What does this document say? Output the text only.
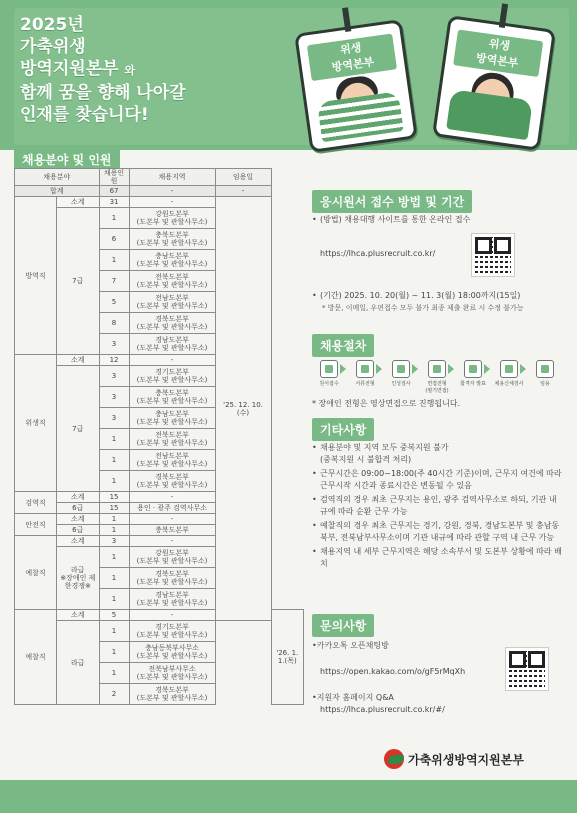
2025년
가축위생
방역지원본부 와
함께 꿈을 향해 나아갈
인재를 찾습니다!
위생
방역본부
위생
방역본부
채용분야 및 인원
채용분야		채용인원	채용지역	임용일	
합계		67	-	-	
방역직	소계	31	-	'25. 12. 10.(수)	
	7급	1	강원도본부
(도본부 및 관할사무소)		
		6	충북도본부
(도본부 및 관할사무소)		
		1	충남도본부
(도본부 및 관할사무소)		
		7	전북도본부
(도본부 및 관할사무소)		
		5	전남도본부
(도본부 및 관할사무소)		
		8	경북도본부
(도본부 및 관할사무소)		
		3	경남도본부
(도본부 및 관할사무소)		
위생직	소계	12	-		
	7급	3	경기도본부
(도본부 및 관할사무소)		
		3	충북도본부
(도본부 및 관할사무소)		
		3	충남도본부
(도본부 및 관할사무소)		
		1	전북도본부
(도본부 및 관할사무소)		
		1	전남도본부
(도본부 및 관할사무소)		
		1	경북도본부
(도본부 및 관할사무소)		
검역직	소계	15	-		
	6급	15	용인 · 광주 검역사무소		
안전직	소계	1	-		
	6급	1	충북도본부		
예찰직	소계	3	-		
	라급
※장애인 제한경쟁※	1	강원도본부
(도본부 및 관할사무소)		
		1	경북도본부
(도본부 및 관할사무소)		
		1	경남도본부
(도본부 및 관할사무소)		
예찰직	소계	5	-		'26. 1. 1.(목)
	라급	1	경기도본부
(도본부 및 관할사무소)		
		1	충남동북부사무소
(도본부 및 관할사무소)		
		1	전북남부사무소
(도본부 및 관할사무소)		
		2	경북도본부
(도본부 및 관할사무소)		
응시원서 접수 방법 및 기간
• (방법) 채용대행 사이트를 통한 온라인 접수
https://lhca.plusrecruit.co.kr/
• (기간) 2025. 10. 20(월) ~ 11. 3(월) 18:00까지(15일)
* 방문, 이메일, 우편접수 모두 불가 최종 제출 완료 시 수정 불가능
채용절차
원서접수	서류전형	인성검사	면접전형
(필기면접)
합격자 발표	채용신체검사	임용
* 장애인 전형은 영상면접으로 진행됩니다.
기타사항
• 채용분야 및 지역 모두 중복지원 불가
(중복지원 시 불합격 처리)
• 근무시간은 09:00~18:00(주 40시간 기준)이며, 근무지 여건에 따라 근무시작 시간과 종료시간은 변동될 수 있음
• 검역직의 경우 최초 근무지는 용인, 광주 검역사무소로 하되, 기관 내규에 따라 순환 근무 가능
• 예찰직의 경우 최초 근무지는 경기, 강원, 경북, 경남도본부 및 충남동북부, 전북남부사무소이며 기관 내규에 따라 관할 구역 내 근무 가능
• 채용지역 내 세부 근무지역은 해당 소속부서 및 도본부 상황에 따라 배치
문의사항
•카카오톡 오픈채팅방
https://open.kakao.com/o/gF5rMqXh
•지원자 홈페이지 Q&A
https://lhca.plusrecruit.co.kr/#/
가축위생방역지원본부
